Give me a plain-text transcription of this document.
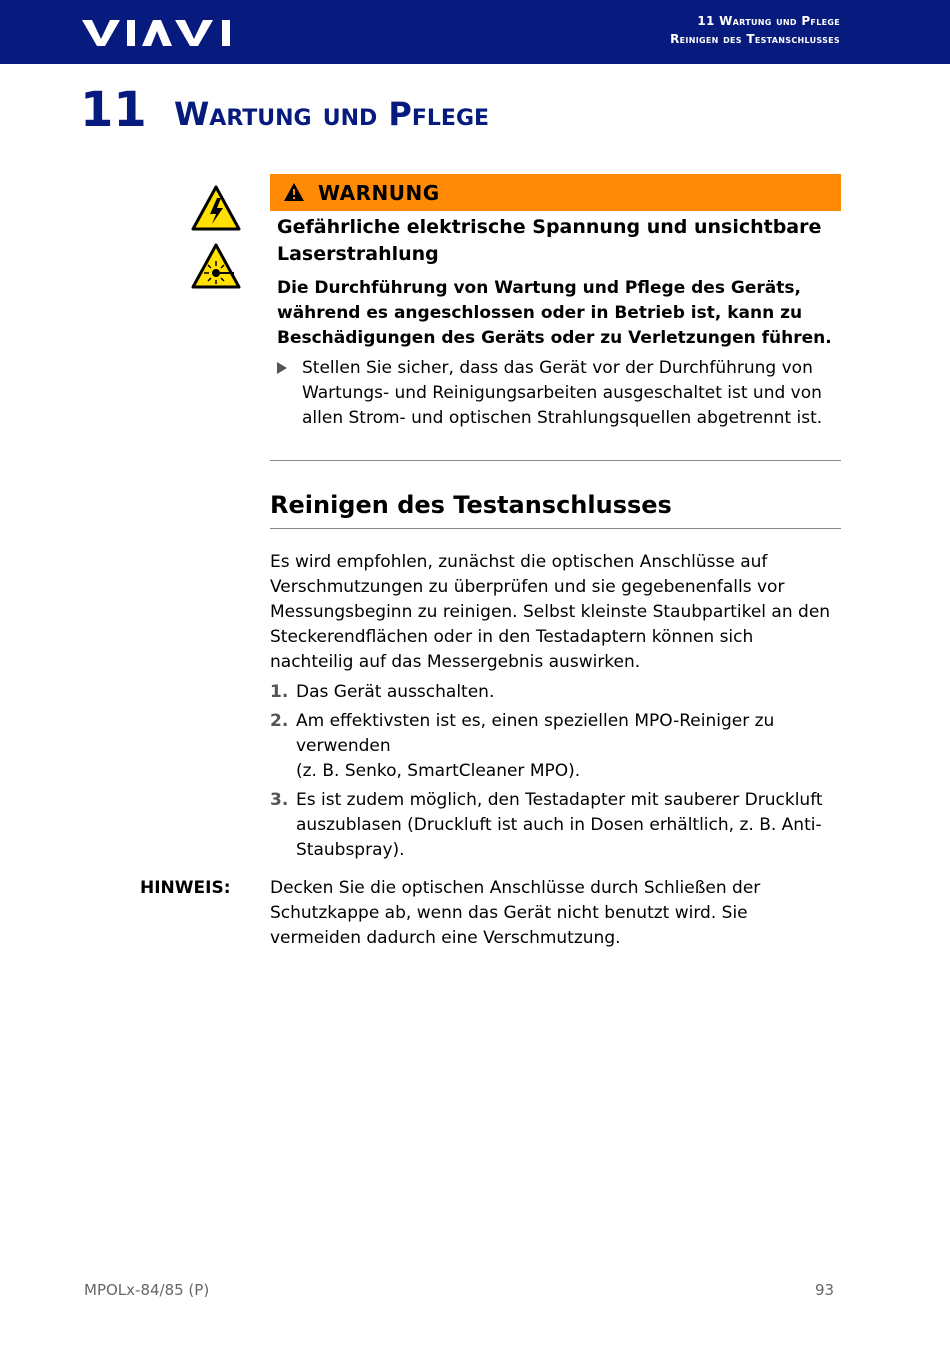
11 Wartung und Pflege
Reinigen des Testanschlusses
11 Wartung und Pflege
WARNUNG
Gefährliche elektrische Spannung und unsichtbare Laserstrahlung
Die Durchführung von Wartung und Pflege des Geräts, während es angeschlossen oder in Betrieb ist, kann zu Beschädigungen des Geräts oder zu Verletzungen führen.
Stellen Sie sicher, dass das Gerät vor der Durchführung von Wartungs- und Reinigungsarbeiten ausgeschaltet ist und von allen Strom- und optischen Strahlungsquellen abgetrennt ist.
Reinigen des Testanschlusses
Es wird empfohlen, zunächst die optischen Anschlüsse auf Verschmutzungen zu überprüfen und sie gegebenenfalls vor Messungsbeginn zu reinigen. Selbst kleinste Staubpartikel an den Steckerendflächen oder in den Testadaptern können sich nachteilig auf das Messergebnis auswirken.
1. Das Gerät ausschalten.
2. Am effektivsten ist es, einen speziellen MPO-Reiniger zu verwenden
(z. B. Senko, SmartCleaner MPO).
3. Es ist zudem möglich, den Testadapter mit sauberer Druckluft auszublasen (Druckluft ist auch in Dosen erhältlich, z. B. Anti-Staubspray).
HINWEIS: Decken Sie die optischen Anschlüsse durch Schließen der Schutzkappe ab, wenn das Gerät nicht benutzt wird. Sie vermeiden dadurch eine Verschmutzung.
MPOLx-84/85 (P)	93
